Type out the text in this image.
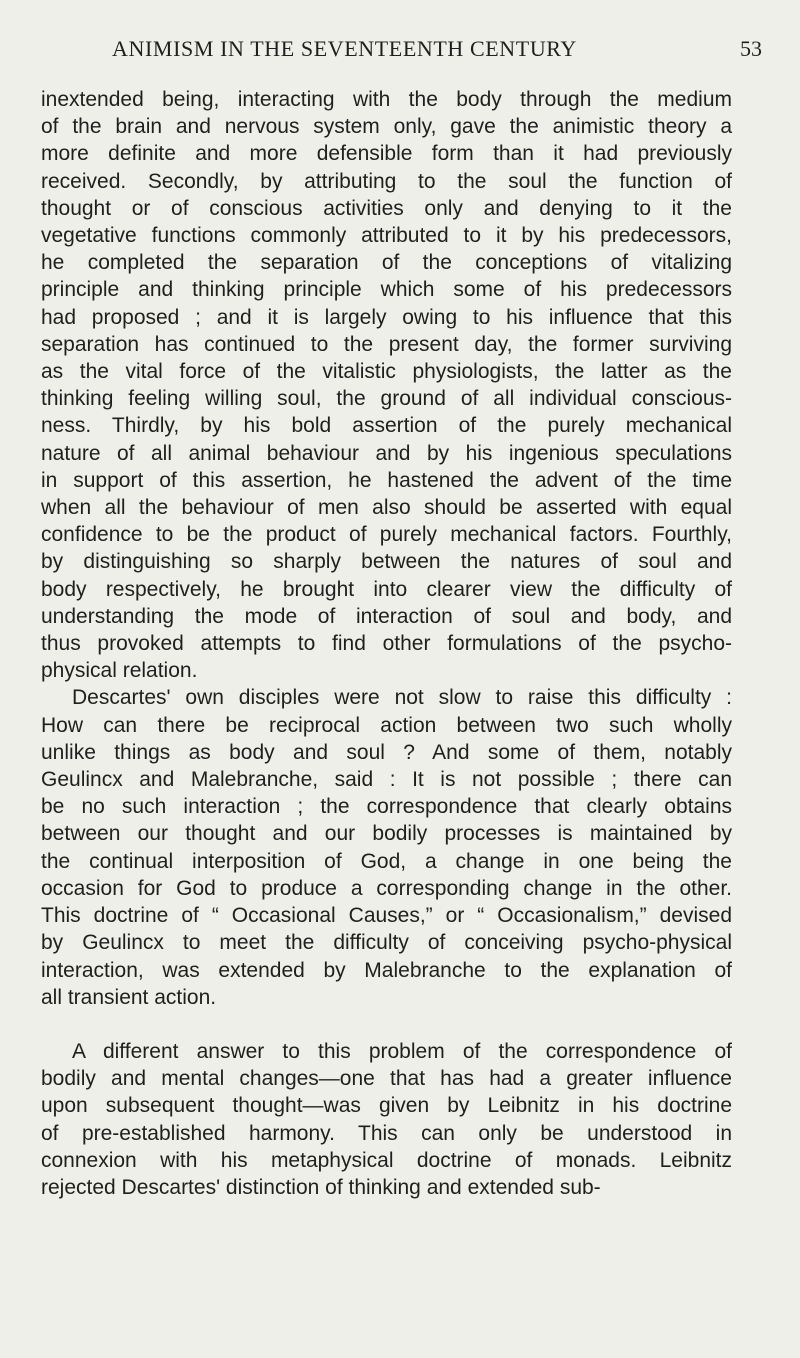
ANIMISM IN THE SEVENTEENTH CENTURY	53
inextended being, interacting with the body through the medium
of the brain and nervous system only, gave the animistic theory a
more definite and more defensible form than it had previously
received. Secondly, by attributing to the soul the function of
thought or of conscious activities only and denying to it the
vegetative functions commonly attributed to it by his predecessors,
he completed the separation of the conceptions of vitalizing
principle and thinking principle which some of his predecessors
had proposed ; and it is largely owing to his influence that this
separation has continued to the present day, the former surviving
as the vital force of the vitalistic physiologists, the latter as the
thinking feeling willing soul, the ground of all individual conscious-
ness. Thirdly, by his bold assertion of the purely mechanical
nature of all animal behaviour and by his ingenious speculations
in support of this assertion, he hastened the advent of the time
when all the behaviour of men also should be asserted with equal
confidence to be the product of purely mechanical factors. Fourthly,
by distinguishing so sharply between the natures of soul and
body respectively, he brought into clearer view the difficulty of
understanding the mode of interaction of soul and body, and
thus provoked attempts to find other formulations of the psycho-
physical relation.
Descartes' own disciples were not slow to raise this difficulty :
How can there be reciprocal action between two such wholly
unlike things as body and soul ? And some of them, notably
Geulincx and Malebranche, said : It is not possible ; there can
be no such interaction ; the correspondence that clearly obtains
between our thought and our bodily processes is maintained by
the continual interposition of God, a change in one being the
occasion for God to produce a corresponding change in the other.
This doctrine of “ Occasional Causes,” or “ Occasionalism,” devised
by Geulincx to meet the difficulty of conceiving psycho-physical
interaction, was extended by Malebranche to the explanation of
all transient action.
A different answer to this problem of the correspondence of
bodily and mental changes—one that has had a greater influence
upon subsequent thought—was given by Leibnitz in his doctrine
of pre-established harmony. This can only be understood in
connexion with his metaphysical doctrine of monads. Leibnitz
rejected Descartes' distinction of thinking and extended sub-
